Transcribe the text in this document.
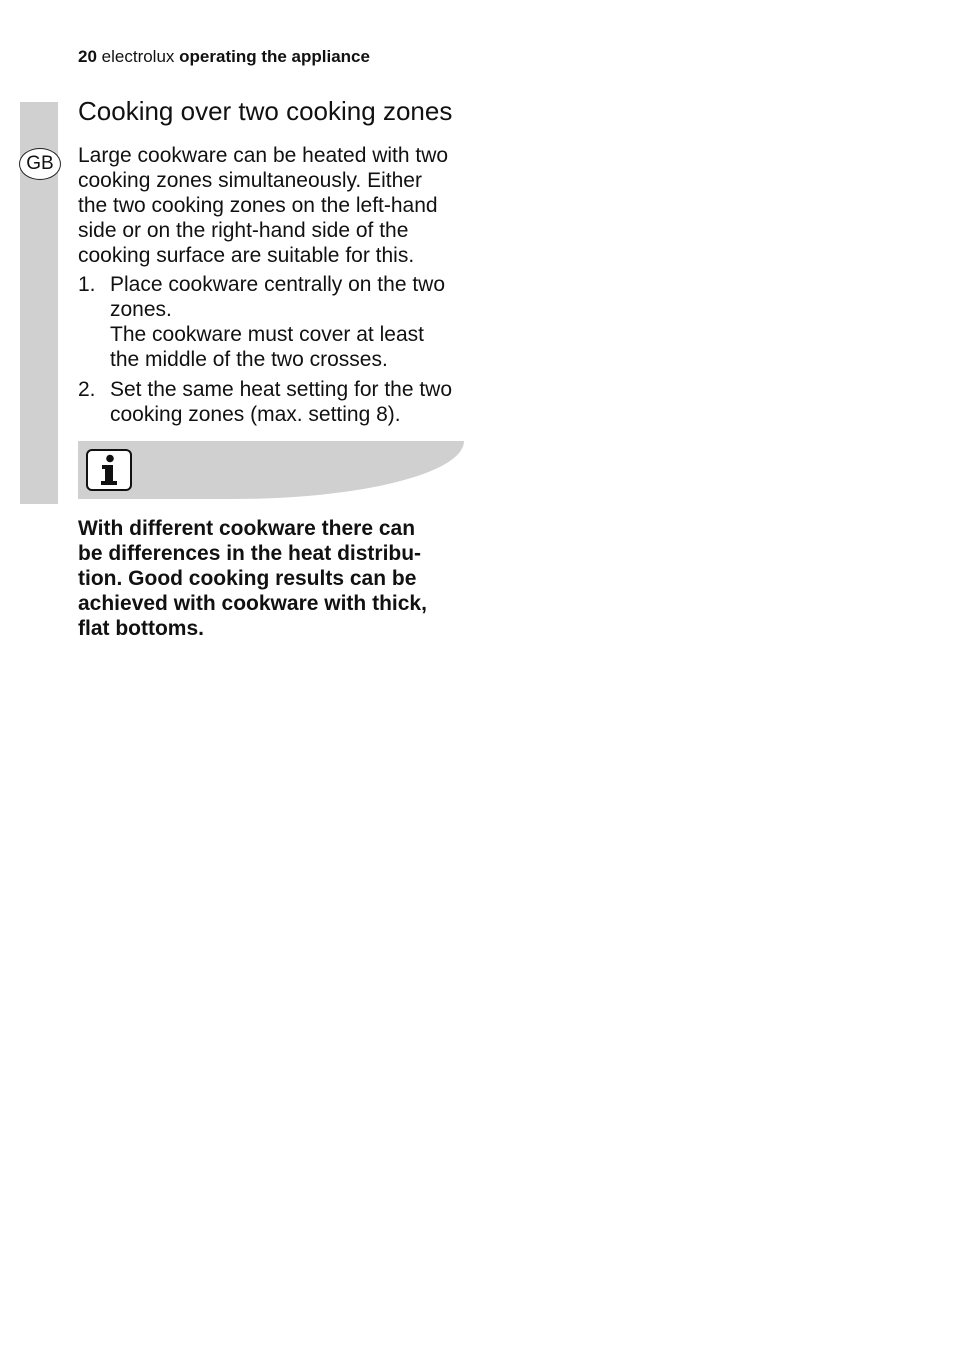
GB
20 electrolux operating the appliance
Cooking over two cooking zones

Large cookware can be heated with two
cooking zones simultaneously. Either
the two cooking zones on the left-hand
side or on the right-hand side of the
cooking surface are suitable for this.

1. Place cookware centrally on the two
zones.
The cookware must cover at least
the middle of the two crosses.
2. Set the same heat setting for the two
cooking zones (max. setting 8).

With different cookware there can
be differences in the heat distribu-
tion. Good cooking results can be
achieved with cookware with thick,
flat bottoms.
